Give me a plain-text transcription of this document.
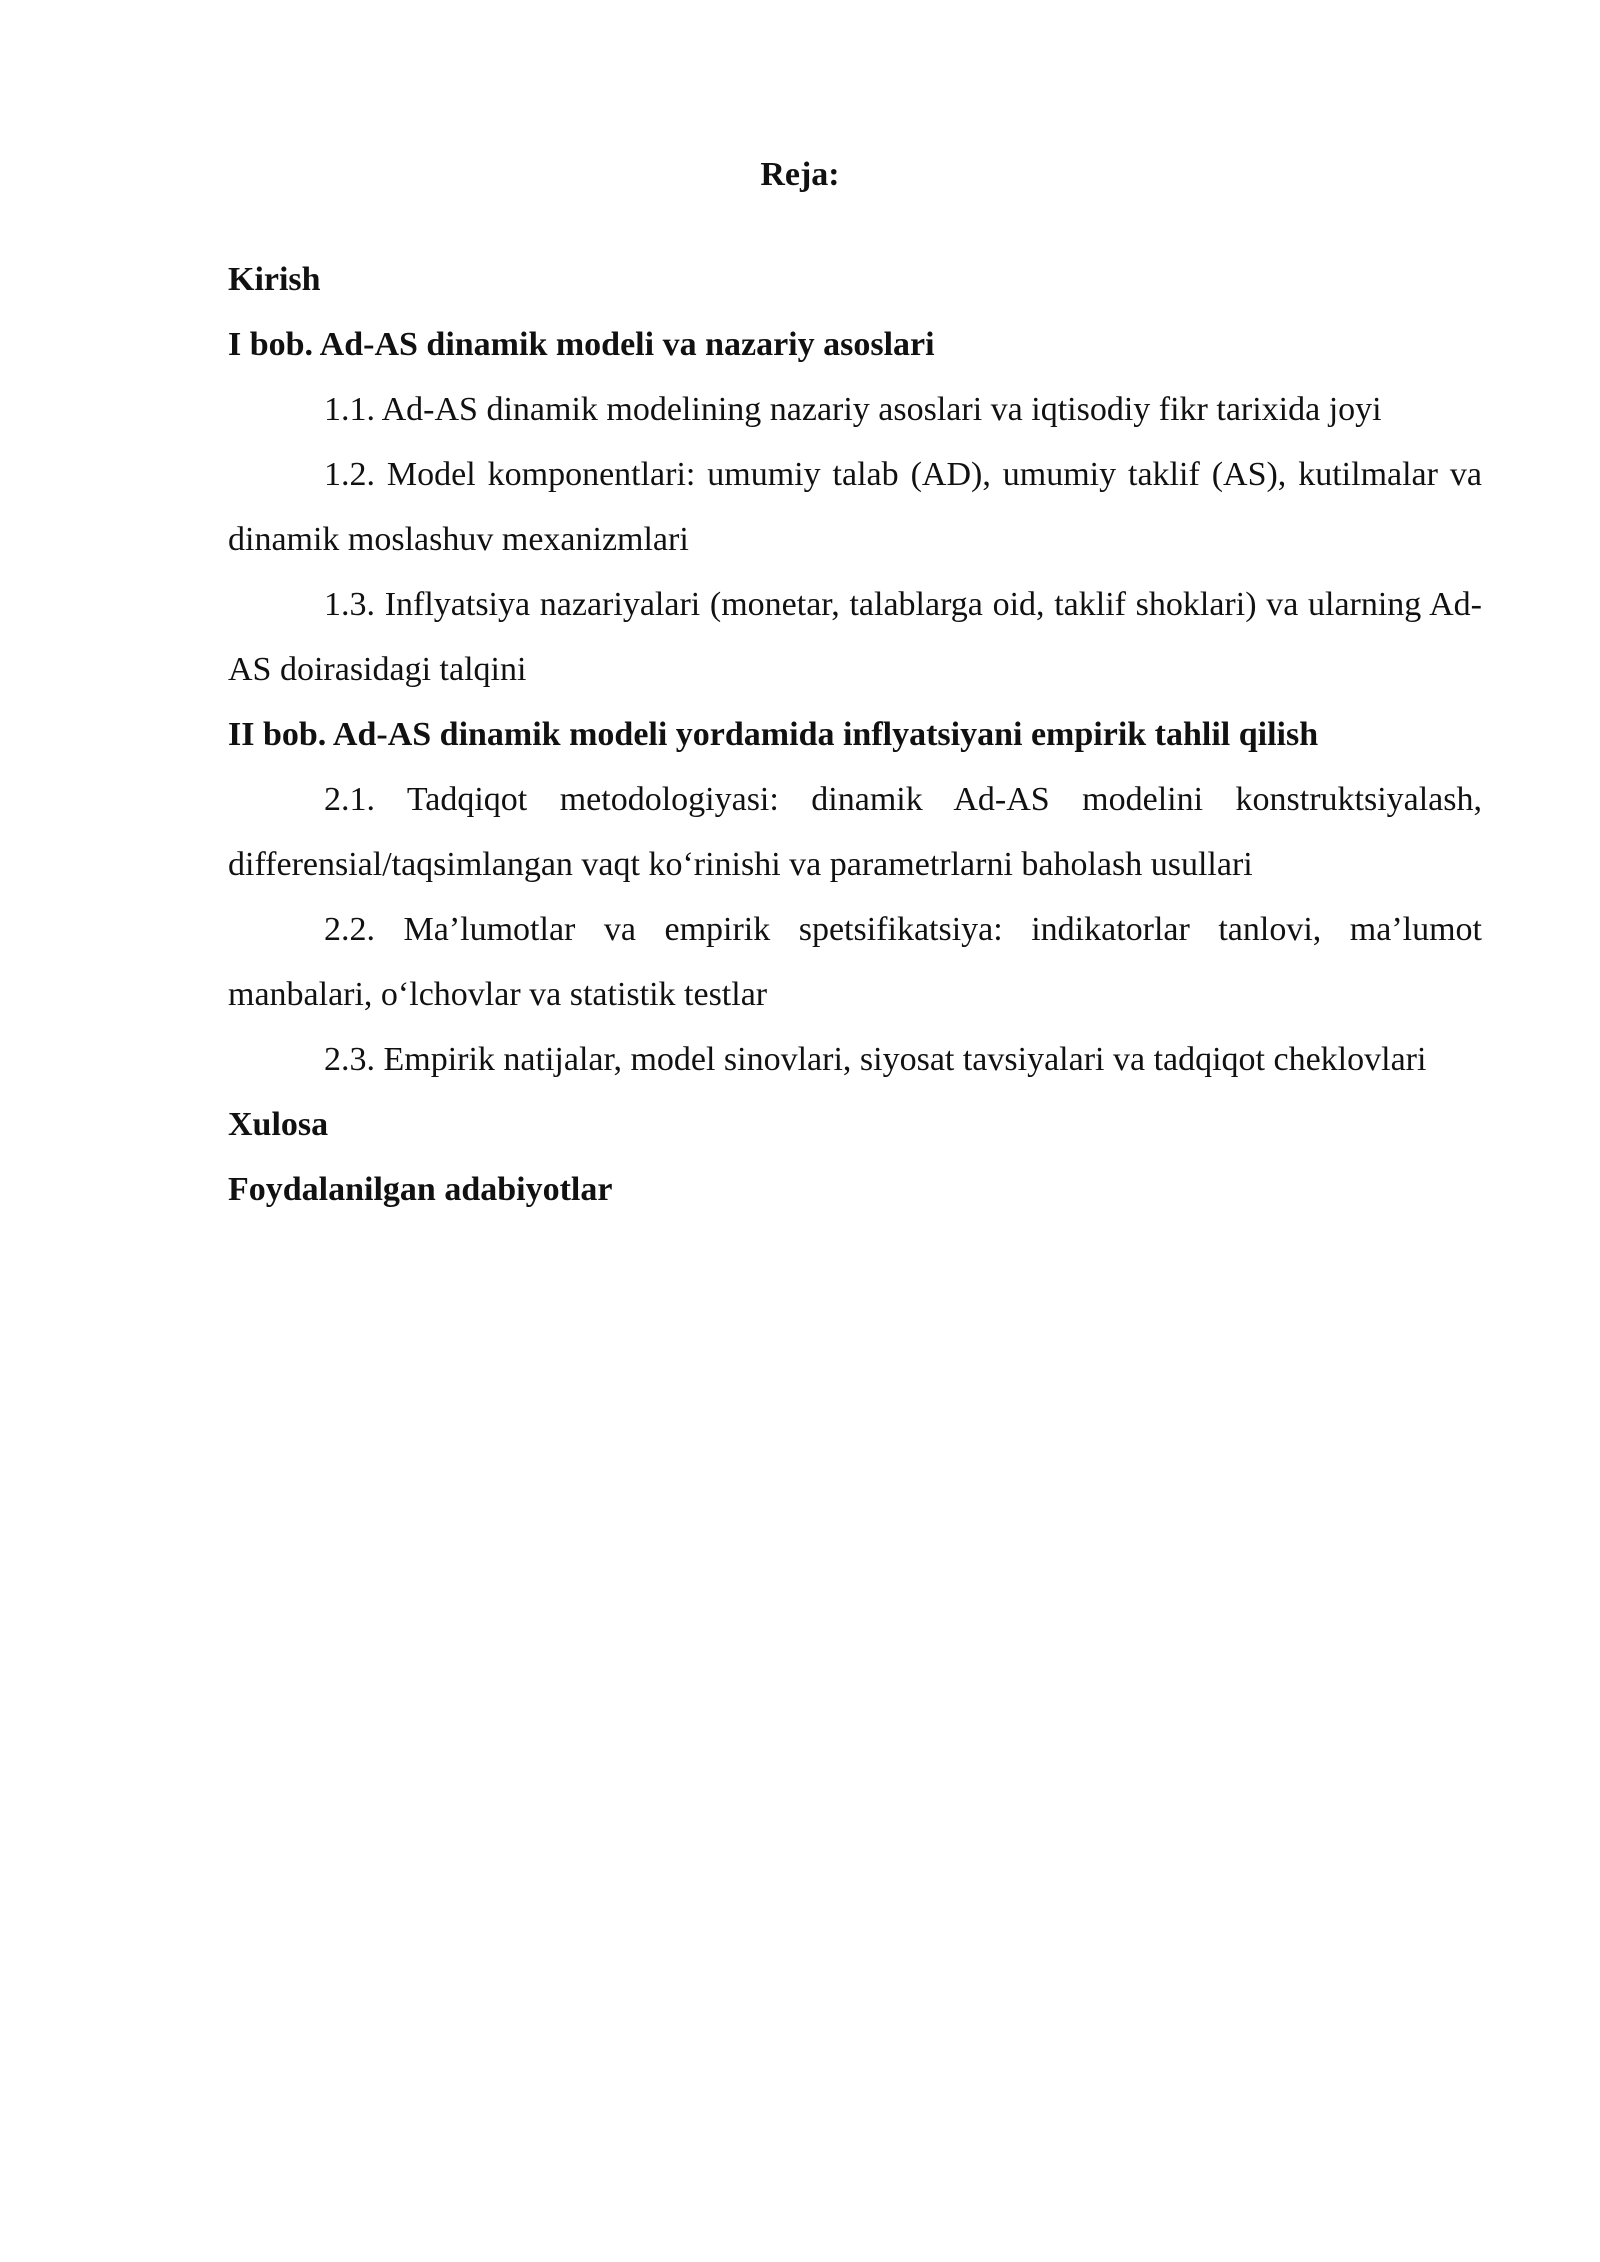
Reja:

Kirish

I bob. Ad-AS dinamik modeli va nazariy asoslari

1.1. Ad-AS dinamik modelining nazariy asoslari va iqtisodiy fikr tarixida joyi

1.2. Model komponentlari: umumiy talab (AD), umumiy taklif (AS), kutilmalar va dinamik moslashuv mexanizmlari

1.3. Inflyatsiya nazariyalari (monetar, talablarga oid, taklif shoklari) va ularning Ad-AS doirasidagi talqini

II bob. Ad-AS dinamik modeli yordamida inflyatsiyani empirik tahlil qilish

2.1. Tadqiqot metodologiyasi: dinamik Ad-AS modelini konstruktsiyalash, differensial/taqsimlangan vaqt ko‘rinishi va parametrlarni baholash usullari

2.2. Ma’lumotlar va empirik spetsifikatsiya: indikatorlar tanlovi, ma’lumot manbalari, o‘lchovlar va statistik testlar

2.3. Empirik natijalar, model sinovlari, siyosat tavsiyalari va tadqiqot cheklovlari

Xulosa

Foydalanilgan adabiyotlar
